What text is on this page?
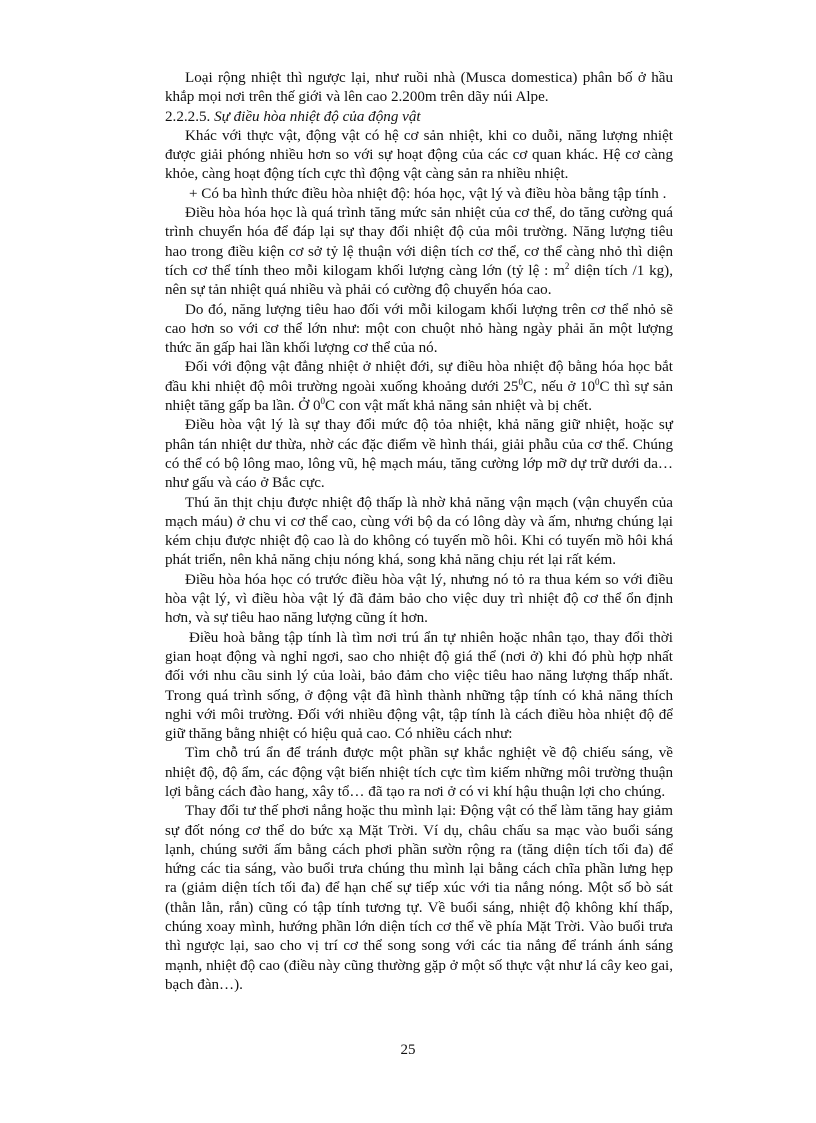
Loại rộng nhiệt thì ngược lại, như ruồi nhà (Musca domestica) phân bố ở hầu khắp mọi nơi trên thế giới và lên cao 2.200m trên dãy núi Alpe.

2.2.2.5. Sự điều hòa nhiệt độ của động vật

Khác với thực vật, động vật có hệ cơ sản nhiệt, khi co duỗi, năng lượng nhiệt được giải phóng nhiều hơn so với sự hoạt động của các cơ quan khác. Hệ cơ càng khỏe, càng hoạt động tích cực thì động vật càng sản ra nhiều nhiệt.

+ Có ba hình thức điều hòa nhiệt độ: hóa học, vật lý và điều hòa bằng tập tính .

Điều hòa hóa học là quá trình tăng mức sản nhiệt của cơ thể, do tăng cường quá trình chuyển hóa để đáp lại sự thay đổi nhiệt độ của môi trường. Năng lượng tiêu hao trong điều kiện cơ sở tỷ lệ thuận với diện tích cơ thể, cơ thể càng nhỏ thì diện tích cơ thể tính theo mỗi kilogam khối lượng càng lớn (tỷ lệ : $m^2$ diện tích /1 kg), nên sự tản nhiệt quá nhiều và phải có cường độ chuyển hóa cao.

Do đó, năng lượng tiêu hao đối với mỗi kilogam khối lượng trên cơ thể nhỏ sẽ cao hơn so với cơ thể lớn như: một con chuột nhỏ hàng ngày phải ăn một lượng thức ăn gấp hai lần khối lượng cơ thể của nó.

Đối với động vật đẳng nhiệt ở nhiệt đới, sự điều hòa nhiệt độ bằng hóa học bắt đầu khi nhiệt độ môi trường ngoài xuống khoảng dưới $25^0C$, nếu ở $10^0C$ thì sự sản nhiệt tăng gấp ba lần. Ở $0^0C$ con vật mất khả năng sản nhiệt và bị chết.

Điều hòa vật lý là sự thay đổi mức độ tỏa nhiệt, khả năng giữ nhiệt, hoặc sự phân tán nhiệt dư thừa, nhờ các đặc điểm về hình thái, giải phẫu của cơ thể. Chúng có thể có bộ lông mao, lông vũ, hệ mạch máu, tăng cường lớp mỡ dự trữ dưới da… như gấu và cáo ở Bắc cực.

Thú ăn thịt chịu được nhiệt độ thấp là nhờ khả năng vận mạch (vận chuyển của mạch máu) ở chu vi cơ thể cao, cùng với bộ da có lông dày và ấm, nhưng chúng lại kém chịu được nhiệt độ cao là do không có tuyến mồ hôi. Khi có tuyến mồ hôi khá phát triển, nên khả năng chịu nóng khá, song khả năng chịu rét lại rất kém.

Điều hòa hóa học có trước điều hòa vật lý, nhưng nó tỏ ra thua kém so với điều hòa vật lý, vì điều hòa vật lý đã đảm bảo cho việc duy trì nhiệt độ cơ thể ổn định hơn, và sự tiêu hao năng lượng cũng ít hơn.

Điều hoà bằng tập tính là tìm nơi trú ẩn tự nhiên hoặc nhân tạo, thay đổi thời gian hoạt động và nghỉ ngơi, sao cho nhiệt độ giá thể (nơi ở) khi đó phù hợp nhất đối với nhu cầu sinh lý của loài, bảo đảm cho việc tiêu hao năng lượng thấp nhất. Trong quá trình sống, ở động vật đã hình thành những tập tính có khả năng thích nghi với môi trường. Đối với nhiều động vật, tập tính là cách điều hòa nhiệt độ để giữ thăng bằng nhiệt có hiệu quả cao. Có nhiều cách như:

Tìm chỗ trú ẩn để tránh được một phần sự khắc nghiệt về độ chiếu sáng, về nhiệt độ, độ ẩm, các động vật biến nhiệt tích cực tìm kiếm những môi trường thuận lợi bằng cách đào hang, xây tổ… đã tạo ra nơi ở có vi khí hậu thuận lợi cho chúng.

Thay đổi tư thế phơi nắng hoặc thu mình lại: Động vật có thể làm tăng hay giảm sự đốt nóng cơ thể do bức xạ Mặt Trời. Ví dụ, châu chấu sa mạc vào buổi sáng lạnh, chúng sưởi ấm bằng cách phơi phần sườn rộng ra (tăng diện tích tối đa) để hứng các tia sáng, vào buổi trưa chúng thu mình lại bằng cách chĩa phần lưng hẹp ra (giảm diện tích tối đa) để hạn chế sự tiếp xúc với tia nắng nóng. Một số bò sát (thằn lằn, rắn) cũng có tập tính tương tự. Về buổi sáng, nhiệt độ không khí thấp, chúng xoay mình, hướng phần lớn diện tích cơ thể về phía Mặt Trời. Vào buổi trưa thì ngược lại, sao cho vị trí cơ thể song song với các tia nắng để tránh ánh sáng mạnh, nhiệt độ cao (điều này cũng thường gặp ở một số thực vật như lá cây keo gai, bạch đàn…).

25
